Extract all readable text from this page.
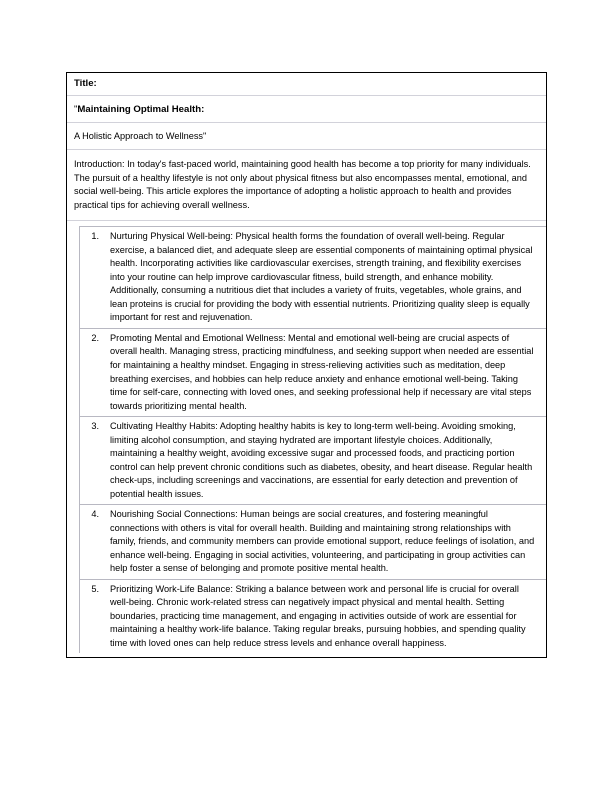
Title:
"Maintaining Optimal Health:
A Holistic Approach to Wellness"
Introduction: In today's fast-paced world, maintaining good health has become a top priority for many individuals. The pursuit of a healthy lifestyle is not only about physical fitness but also encompasses mental, emotional, and social well-being. This article explores the importance of adopting a holistic approach to health and provides practical tips for achieving overall wellness.
1.	Nurturing Physical Well-being: Physical health forms the foundation of overall well-being. Regular exercise, a balanced diet, and adequate sleep are essential components of maintaining optimal physical health. Incorporating activities like cardiovascular exercises, strength training, and flexibility exercises into your routine can help improve cardiovascular fitness, build strength, and enhance mobility. Additionally, consuming a nutritious diet that includes a variety of fruits, vegetables, whole grains, and lean proteins is crucial for providing the body with essential nutrients. Prioritizing quality sleep is equally important for rest and rejuvenation.
2.	Promoting Mental and Emotional Wellness: Mental and emotional well-being are crucial aspects of overall health. Managing stress, practicing mindfulness, and seeking support when needed are essential for maintaining a healthy mindset. Engaging in stress-relieving activities such as meditation, deep breathing exercises, and hobbies can help reduce anxiety and enhance emotional well-being. Taking time for self-care, connecting with loved ones, and seeking professional help if necessary are vital steps towards prioritizing mental health.
3.	Cultivating Healthy Habits: Adopting healthy habits is key to long-term well-being. Avoiding smoking, limiting alcohol consumption, and staying hydrated are important lifestyle choices. Additionally, maintaining a healthy weight, avoiding excessive sugar and processed foods, and practicing portion control can help prevent chronic conditions such as diabetes, obesity, and heart disease. Regular health check-ups, including screenings and vaccinations, are essential for early detection and prevention of potential health issues.
4.	Nourishing Social Connections: Human beings are social creatures, and fostering meaningful connections with others is vital for overall health. Building and maintaining strong relationships with family, friends, and community members can provide emotional support, reduce feelings of isolation, and enhance well-being. Engaging in social activities, volunteering, and participating in group activities can help foster a sense of belonging and promote positive mental health.
5.	Prioritizing Work-Life Balance: Striking a balance between work and personal life is crucial for overall well-being. Chronic work-related stress can negatively impact physical and mental health. Setting boundaries, practicing time management, and engaging in activities outside of work are essential for maintaining a healthy work-life balance. Taking regular breaks, pursuing hobbies, and spending quality time with loved ones can help reduce stress levels and enhance overall happiness.
